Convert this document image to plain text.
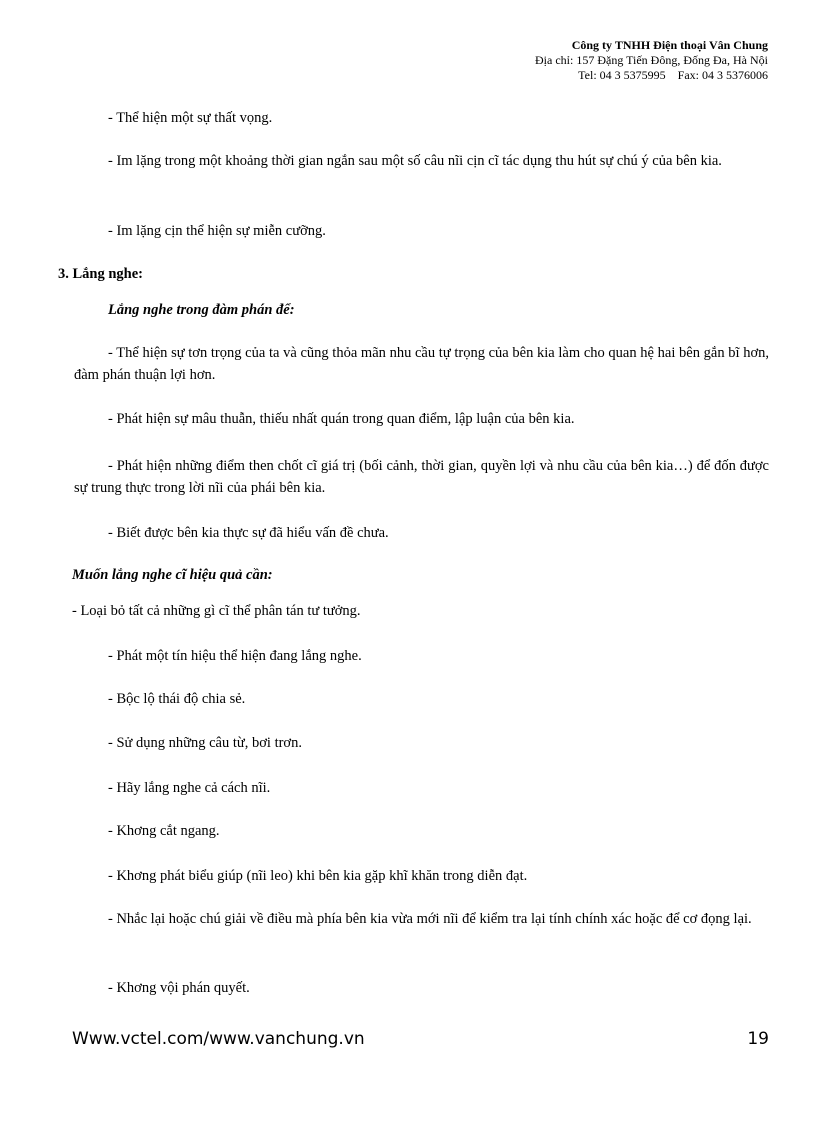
Công ty TNHH Điện thoại Vân Chung
Địa chỉ: 157 Đặng Tiến Đông, Đống Đa, Hà Nội
Tel: 04 3 5375995    Fax: 04 3 5376006
- Thể hiện một sự thất vọng.
- Im lặng trong một khoảng thời gian ngắn sau một số câu nĩi cịn cĩ tác dụng thu hút sự chú ý của bên kia.
- Im lặng cịn thể hiện sự miễn cưỡng.
3. Lắng nghe:
Lắng nghe trong đàm phán để:
- Thể hiện sự tơn trọng của ta và cũng thỏa mãn nhu cầu tự trọng của bên kia làm cho quan hệ hai bên gắn bĩ hơn, đàm phán thuận lợi hơn.
- Phát hiện sự mâu thuẫn, thiếu nhất quán trong quan điểm, lập luận của bên kia.
- Phát hiện những điểm then chốt cĩ giá trị (bối cảnh, thời gian, quyền lợi và nhu cầu của bên kia…) để đốn được sự trung thực trong lời nĩi của phái bên kia.
- Biết được bên kia thực sự đã hiểu vấn đề chưa.
Muốn lắng nghe cĩ hiệu quả cần:
- Loại bỏ tất cả những gì cĩ thể phân tán tư tưởng.
- Phát một tín hiệu thể hiện đang lắng nghe.
- Bộc lộ thái độ chia sẻ.
- Sử dụng những câu từ, bơi trơn.
- Hãy lắng nghe cả cách nĩi.
- Khơng cắt ngang.
- Khơng phát biểu giúp (nĩi leo) khi bên kia gặp khĩ khăn trong diễn đạt.
- Nhắc lại hoặc chú giải về điều mà phía bên kia vừa mới nĩi để kiểm tra lại tính chính xác hoặc để cơ đọng lại.
- Khơng vội phán quyết.
Www.vctel.com/www.vanchung.vn	19
